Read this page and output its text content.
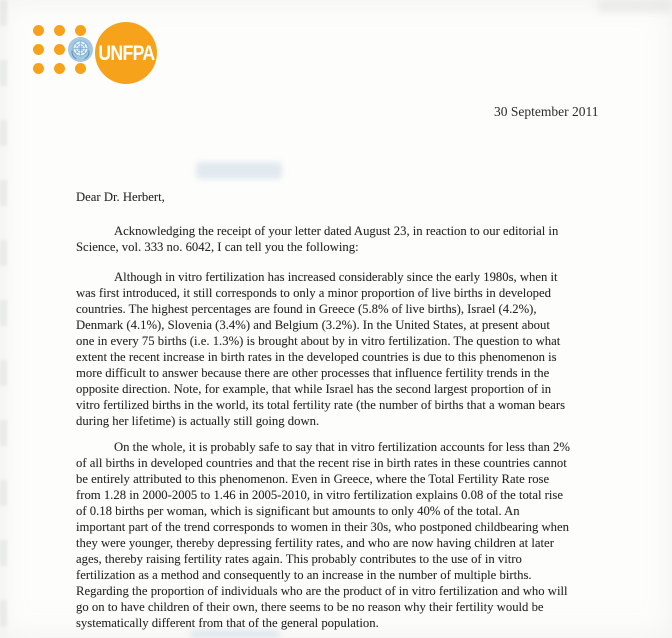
UNFPA
30 September 2011
Dear Dr. Herbert,
Acknowledging the receipt of your letter dated August 23, in reaction to our editorial in
Science, vol. 333 no. 6042, I can tell you the following:
Although in vitro fertilization has increased considerably since the early 1980s, when it
was first introduced, it still corresponds to only a minor proportion of live births in developed
countries. The highest percentages are found in Greece (5.8% of live births), Israel (4.2%),
Denmark (4.1%), Slovenia (3.4%) and Belgium (3.2%). In the United States, at present about
one in every 75 births (i.e. 1.3%) is brought about by in vitro fertilization. The question to what
extent the recent increase in birth rates in the developed countries is due to this phenomenon is
more difficult to answer because there are other processes that influence fertility trends in the
opposite direction. Note, for example, that while Israel has the second largest proportion of in
vitro fertilized births in the world, its total fertility rate (the number of births that a woman bears
during her lifetime) is actually still going down.
On the whole, it is probably safe to say that in vitro fertilization accounts for less than 2%
of all births in developed countries and that the recent rise in birth rates in these countries cannot
be entirely attributed to this phenomenon. Even in Greece, where the Total Fertility Rate rose
from 1.28 in 2000-2005 to 1.46 in 2005-2010, in vitro fertilization explains 0.08 of the total rise
of 0.18 births per woman, which is significant but amounts to only 40% of the total. An
important part of the trend corresponds to women in their 30s, who postponed childbearing when
they were younger, thereby depressing fertility rates, and who are now having children at later
ages, thereby raising fertility rates again. This probably contributes to the use of in vitro
fertilization as a method and consequently to an increase in the number of multiple births.
Regarding the proportion of individuals who are the product of in vitro fertilization and who will
go on to have children of their own, there seems to be no reason why their fertility would be
systematically different from that of the general population.
